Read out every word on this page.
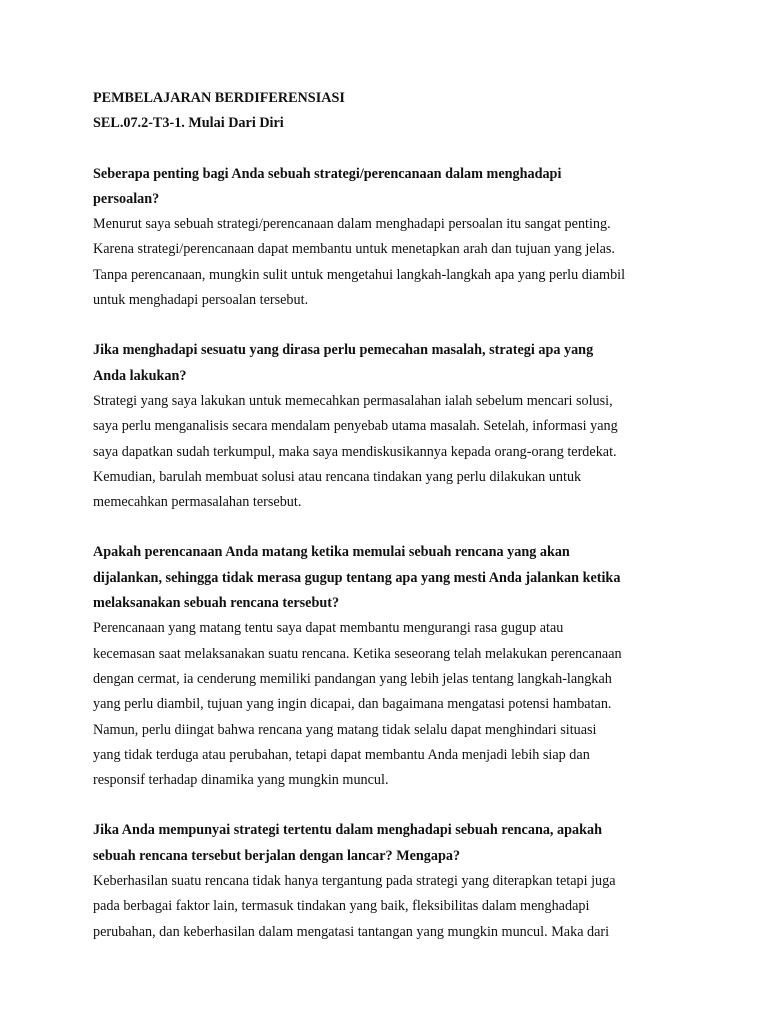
PEMBELAJARAN BERDIFERENSIASI
SEL.07.2-T3-1. Mulai Dari Diri
Seberapa penting bagi Anda sebuah strategi/perencanaan dalam menghadapi
persoalan?
Menurut saya sebuah strategi/perencanaan dalam menghadapi persoalan itu sangat penting.
Karena strategi/perencanaan dapat membantu untuk menetapkan arah dan tujuan yang jelas.
Tanpa perencanaan, mungkin sulit untuk mengetahui langkah-langkah apa yang perlu diambil
untuk menghadapi persoalan tersebut.
Jika menghadapi sesuatu yang dirasa perlu pemecahan masalah, strategi apa yang
Anda lakukan?
Strategi yang saya lakukan untuk memecahkan permasalahan ialah sebelum mencari solusi,
saya perlu menganalisis secara mendalam penyebab utama masalah. Setelah, informasi yang
saya dapatkan sudah terkumpul, maka saya mendiskusikannya kepada orang-orang terdekat.
Kemudian, barulah membuat solusi atau rencana tindakan yang perlu dilakukan untuk
memecahkan permasalahan tersebut.
Apakah perencanaan Anda matang ketika memulai sebuah rencana yang akan
dijalankan, sehingga tidak merasa gugup tentang apa yang mesti Anda jalankan ketika
melaksanakan sebuah rencana tersebut?
Perencanaan yang matang tentu saya dapat membantu mengurangi rasa gugup atau
kecemasan saat melaksanakan suatu rencana. Ketika seseorang telah melakukan perencanaan
dengan cermat, ia cenderung memiliki pandangan yang lebih jelas tentang langkah-langkah
yang perlu diambil, tujuan yang ingin dicapai, dan bagaimana mengatasi potensi hambatan.
Namun, perlu diingat bahwa rencana yang matang tidak selalu dapat menghindari situasi
yang tidak terduga atau perubahan, tetapi dapat membantu Anda menjadi lebih siap dan
responsif terhadap dinamika yang mungkin muncul.
Jika Anda mempunyai strategi tertentu dalam menghadapi sebuah rencana, apakah
sebuah rencana tersebut berjalan dengan lancar? Mengapa?
Keberhasilan suatu rencana tidak hanya tergantung pada strategi yang diterapkan tetapi juga
pada berbagai faktor lain, termasuk tindakan yang baik, fleksibilitas dalam menghadapi
perubahan, dan keberhasilan dalam mengatasi tantangan yang mungkin muncul. Maka dari
